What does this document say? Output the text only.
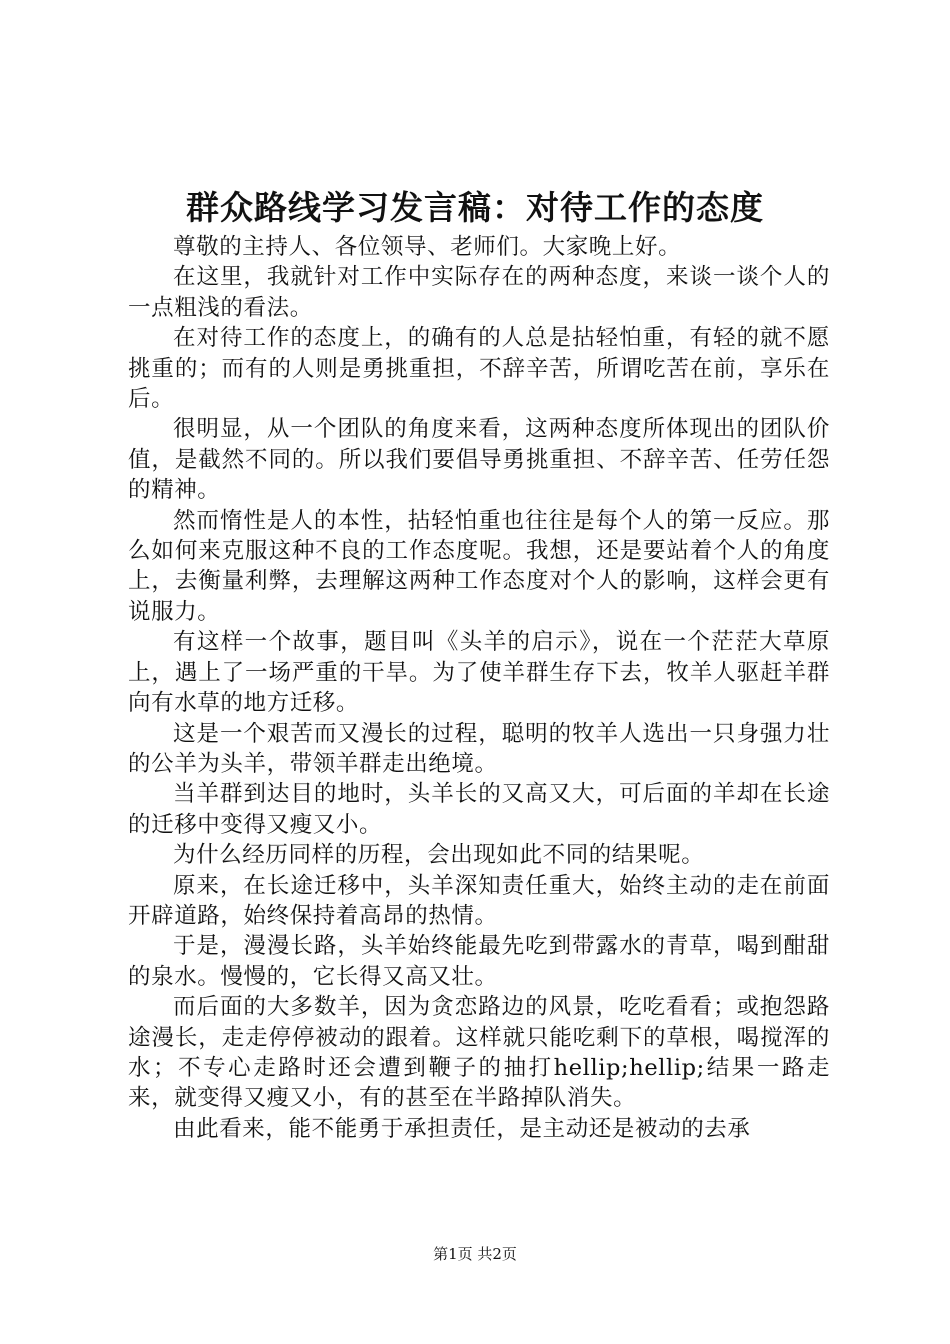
群众路线学习发言稿：对待工作的态度

尊敬的主持人、各位领导、老师们。大家晚上好。

在这里，我就针对工作中实际存在的两种态度，来谈一谈个人的一点粗浅的看法。

在对待工作的态度上，的确有的人总是拈轻怕重，有轻的就不愿挑重的；而有的人则是勇挑重担，不辞辛苦，所谓吃苦在前，享乐在后。

很明显，从一个团队的角度来看，这两种态度所体现出的团队价值，是截然不同的。所以我们要倡导勇挑重担、不辞辛苦、任劳任怨的精神。

然而惰性是人的本性，拈轻怕重也往往是每个人的第一反应。那么如何来克服这种不良的工作态度呢。我想，还是要站着个人的角度上，去衡量利弊，去理解这两种工作态度对个人的影响，这样会更有说服力。

有这样一个故事，题目叫《头羊的启示》，说在一个茫茫大草原上，遇上了一场严重的干旱。为了使羊群生存下去，牧羊人驱赶羊群向有水草的地方迁移。

这是一个艰苦而又漫长的过程，聪明的牧羊人选出一只身强力壮的公羊为头羊，带领羊群走出绝境。

当羊群到达目的地时，头羊长的又高又大，可后面的羊却在长途的迁移中变得又瘦又小。

为什么经历同样的历程，会出现如此不同的结果呢。

原来，在长途迁移中，头羊深知责任重大，始终主动的走在前面开辟道路，始终保持着高昂的热情。

于是，漫漫长路，头羊始终能最先吃到带露水的青草，喝到酣甜的泉水。慢慢的，它长得又高又壮。

而后面的大多数羊，因为贪恋路边的风景，吃吃看看；或抱怨路途漫长，走走停停被动的跟着。这样就只能吃剩下的草根，喝搅浑的水；不专心走路时还会遭到鞭子的抽打hellip;hellip;结果一路走来，就变得又瘦又小，有的甚至在半路掉队消失。

由此看来，能不能勇于承担责任，是主动还是被动的去承

第1页 共2页
